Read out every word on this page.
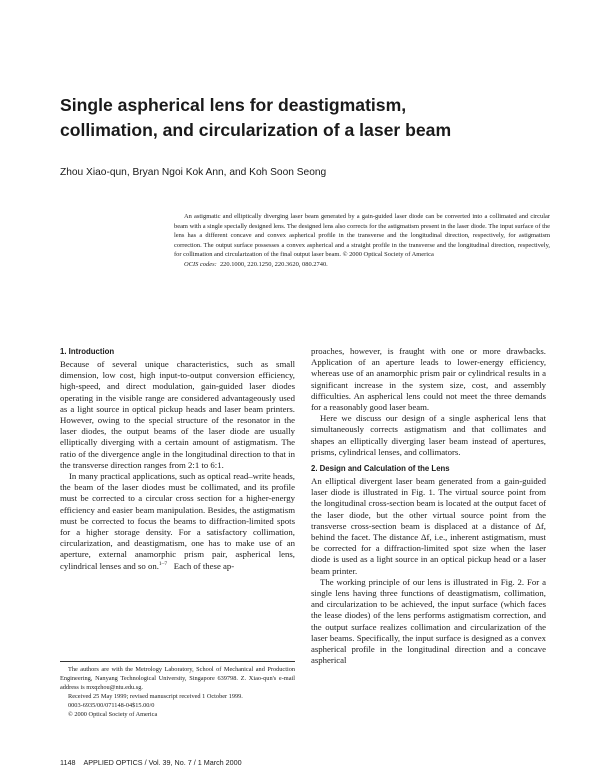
Single aspherical lens for deastigmatism,
collimation, and circularization of a laser beam

Zhou Xiao-qun, Bryan Ngoi Kok Ann, and Koh Soon Seong

An astigmatic and elliptically diverging laser beam generated by a gain-guided laser diode can be converted into a collimated and circular beam with a single specially designed lens. The designed lens also corrects for the astigmatism present in the laser diode. The input surface of the lens has a different concave and convex aspherical profile in the transverse and the longitudinal direction, respectively, for astigmatism correction. The output surface possesses a convex aspherical and a straight profile in the transverse and the longitudinal direction, respectively, for collimation and circularization of the final output laser beam. © 2000 Optical Society of America

OCIS codes: 220.1000, 220.1250, 220.3620, 080.2740.

1. Introduction

Because of several unique characteristics, such as small dimension, low cost, high input-to-output conversion efficiency, high-speed, and direct modulation, gain-guided laser diodes operating in the visible range are considered advantageously used as a light source in optical pickup heads and laser beam printers. However, owing to the special structure of the resonator in the laser diodes, the output beams of the laser diode are usually elliptically diverging with a certain amount of astigmatism. The ratio of the divergence angle in the longitudinal direction to that in the transverse direction ranges from 2:1 to 6:1.

In many practical applications, such as optical read–write heads, the beam of the laser diodes must be collimated, and its profile must be corrected to a circular cross section for a higher-energy efficiency and easier beam manipulation. Besides, the astigmatism must be corrected to focus the beams to diffraction-limited spots for a higher storage density. For a satisfactory collimation, circularization, and deastigmatism, one has to make use of an aperture, external anamorphic prism pair, aspherical lens, cylindrical lenses and so on.$^{1-7}$ Each of these ap-

proaches, however, is fraught with one or more drawbacks. Application of an aperture leads to lower-energy efficiency, whereas use of an anamorphic prism pair or cylindrical results in a significant increase in the system size, cost, and assembly difficulties. An aspherical lens could not meet the three demands for a reasonably good laser beam.

Here we discuss our design of a single aspherical lens that simultaneously corrects astigmatism and that collimates and shapes an elliptically diverging laser beam instead of apertures, prisms, cylindrical lenses, and collimators.

2. Design and Calculation of the Lens

An elliptical divergent laser beam generated from a gain-guided laser diode is illustrated in Fig. 1. The virtual source point from the longitudinal cross-section beam is located at the output facet of the laser diode, but the other virtual source point from the transverse cross-section beam is displaced at a distance of Δf, behind the facet. The distance Δf, i.e., inherent astigmatism, must be corrected for a diffraction-limited spot size when the laser diode is used as a light source in an optical pickup head or a laser beam printer.

The working principle of our lens is illustrated in Fig. 2. For a single lens having three functions of deastigmatism, collimation, and circularization to be achieved, the input surface (which faces the lease diodes) of the lens performs astigmatism correction, and the output surface realizes collimation and circularization of the laser beams. Specifically, the input surface is designed as a convex aspherical profile in the longitudinal direction and a concave aspherical

The authors are with the Metrology Laboratory, School of Mechanical and Production Engineering, Nanyang Technological University, Singapore 639798. Z. Xiao-qun's e-mail address is mxqzhou@ntu.edu.sg.

Received 25 May 1999; revised manuscript received 1 October 1999.

0003-6935/00/071148-04$15.00/0

© 2000 Optical Society of America

1148 APPLIED OPTICS / Vol. 39, No. 7 / 1 March 2000
